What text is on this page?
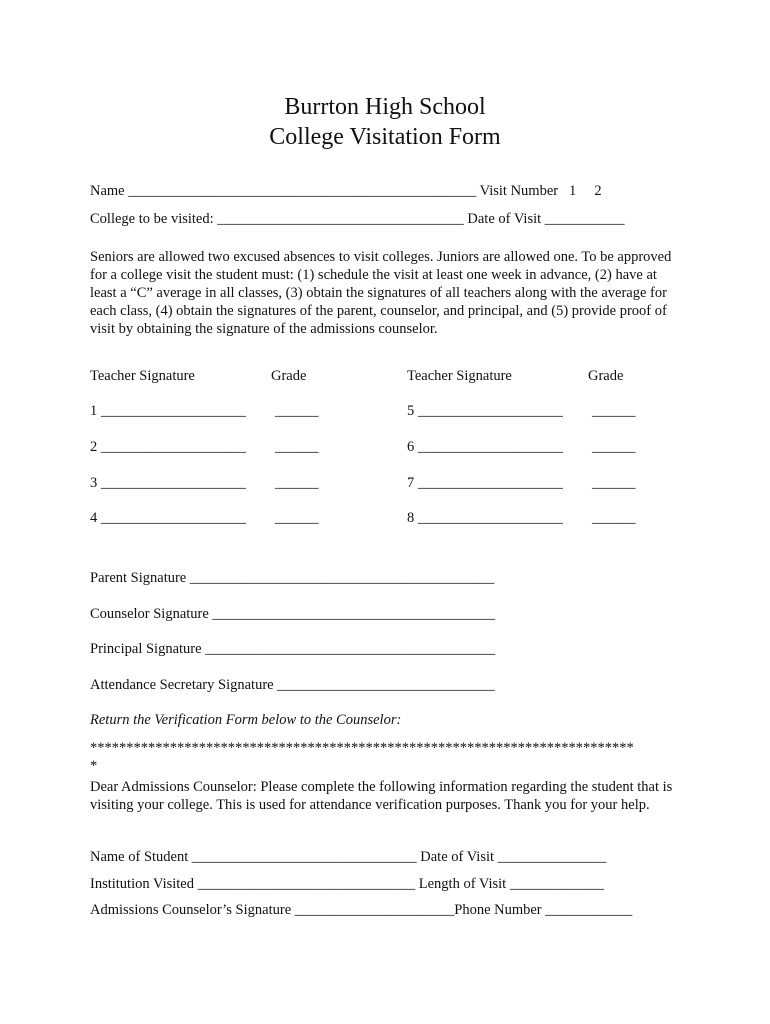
Burrton High School
College Visitation Form
Name ________________________________________________ Visit Number   1     2
College to be visited: __________________________________ Date of Visit ___________
Seniors are allowed two excused absences to visit colleges. Juniors are allowed one. To be approved for a college visit the student must: (1) schedule the visit at least one week in advance, (2) have at least a “C” average in all classes, (3) obtain the signatures of all teachers along with the average for each class, (4) obtain the signatures of the parent, counselor, and principal, and (5) provide proof of visit by obtaining the signature of the admissions counselor.
Teacher Signature	Grade	Teacher Signature	Grade
1 ____________________ ______	5 ____________________ ______
2 ____________________ ______	6 ____________________ ______
3 ____________________ ______	7 ____________________ ______
4 ____________________ ______	8 ____________________ ______
Parent Signature __________________________________________
Counselor Signature _______________________________________
Principal Signature ________________________________________
Attendance Secretary Signature ______________________________
Return the Verification Form below to the Counselor:
***************************************************************************
*
Dear Admissions Counselor: Please complete the following information regarding the student that is visiting your college. This is used for attendance verification purposes. Thank you for your help.
Name of Student _______________________________ Date of Visit _______________
Institution Visited ______________________________ Length of Visit _____________
Admissions Counselor’s Signature ______________________Phone Number ____________
